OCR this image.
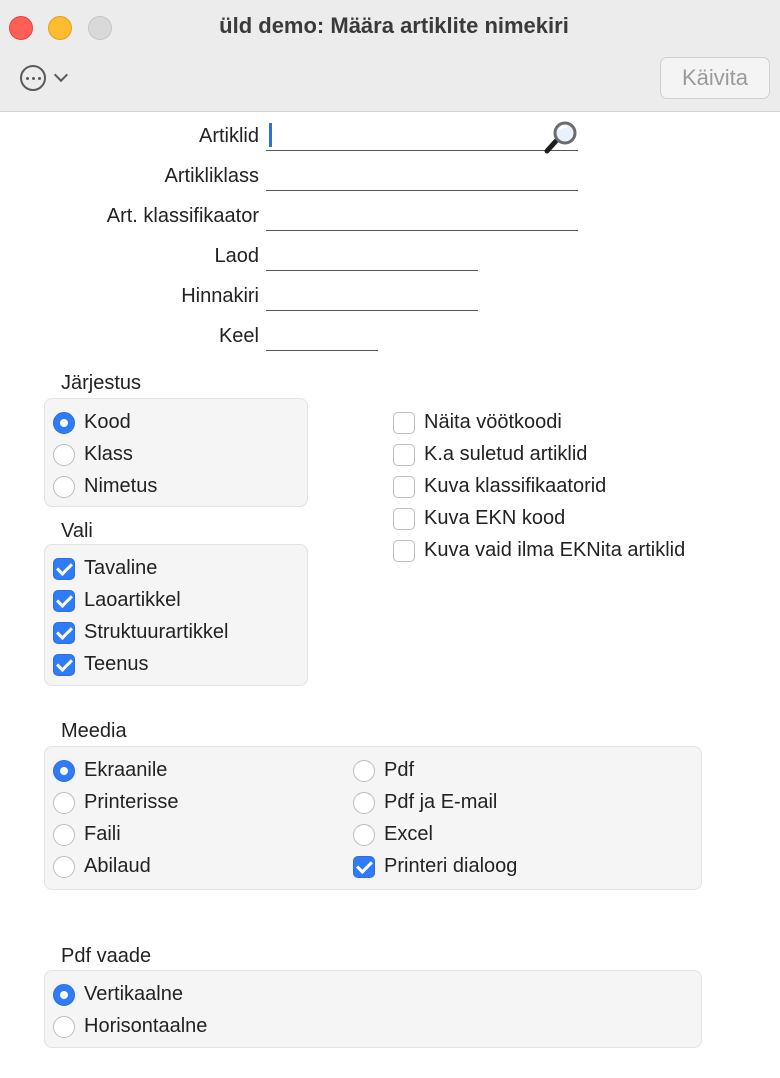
üld demo: Määra artiklite nimekiri
Käivita
Artiklid
Artikliklass
Art. klassifikaator
Laod
Hinnakiri
Keel
Järjestus
Kood
Klass
Nimetus
Näita vöötkoodi
K.a suletud artiklid
Kuva klassifikaatorid
Kuva EKN kood
Kuva vaid ilma EKNita artiklid
Vali
Tavaline
Laoartikkel
Struktuurartikkel
Teenus
Meedia
Ekraanile
Printerisse
Faili
Abilaud
Pdf
Pdf ja E-mail
Excel
Printeri dialoog
Pdf vaade
Vertikaalne
Horisontaalne
